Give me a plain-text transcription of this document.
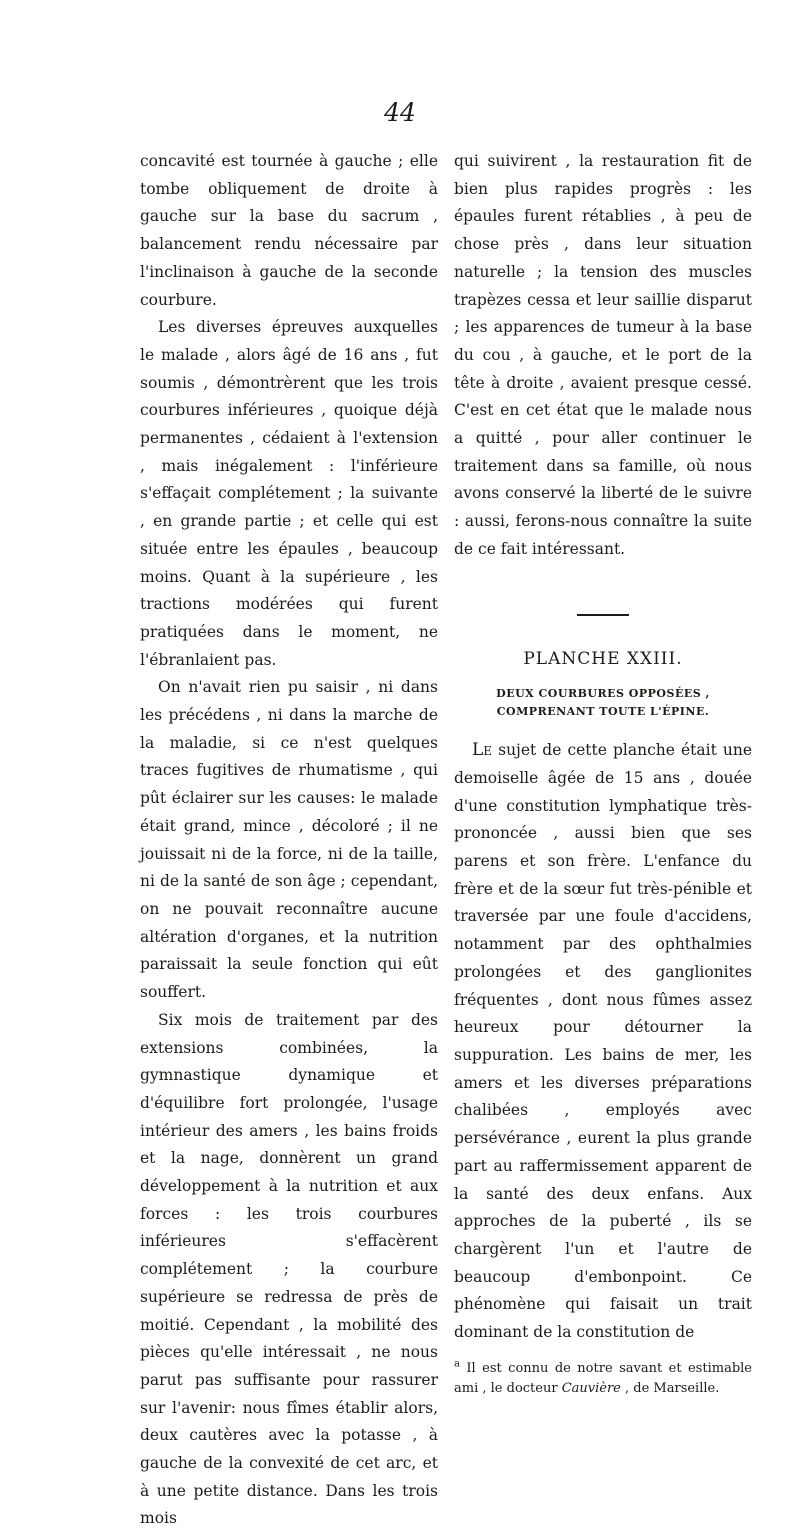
44

concavité est tournée à gauche ; elle tombe obliquement de droite à gauche sur la base du sacrum , balancement rendu nécessaire par l'inclinaison à gauche de la seconde courbure.

Les diverses épreuves auxquelles le malade , alors âgé de 16 ans , fut soumis , démontrèrent que les trois courbures inférieures , quoique déjà permanentes , cédaient à l'extension , mais inégalement : l'inférieure s'effaçait complétement ; la suivante , en grande partie ; et celle qui est située entre les épaules , beaucoup moins. Quant à la supérieure , les tractions modérées qui furent pratiquées dans le moment, ne l'ébranlaient pas.

On n'avait rien pu saisir , ni dans les précédens , ni dans la marche de la maladie, si ce n'est quelques traces fugitives de rhumatisme , qui pût éclairer sur les causes: le malade était grand, mince , décoloré ; il ne jouissait ni de la force, ni de la taille, ni de la santé de son âge ; cependant, on ne pouvait reconnaître aucune altération d'organes, et la nutrition paraissait la seule fonction qui eût souffert.

Six mois de traitement par des extensions combinées, la gymnastique dynamique et d'équilibre fort prolongée, l'usage intérieur des amers , les bains froids et la nage, donnèrent un grand développement à la nutrition et aux forces : les trois courbures inférieures s'effacèrent complétement ; la courbure supérieure se redressa de près de moitié. Cependant , la mobilité des pièces qu'elle intéressait , ne nous parut pas suffisante pour rassurer sur l'avenir: nous fîmes établir alors, deux cautères avec la potasse , à gauche de la convexité de cet arc, et à une petite distance. Dans les trois mois

qui suivirent , la restauration fit de bien plus rapides progrès : les épaules furent rétablies , à peu de chose près , dans leur situation naturelle ; la tension des muscles trapèzes cessa et leur saillie disparut ; les apparences de tumeur à la base du cou , à gauche, et le port de la tête à droite , avaient presque cessé. C'est en cet état que le malade nous a quitté , pour aller continuer le traitement dans sa famille, où nous avons conservé la liberté de le suivre : aussi, ferons-nous connaître la suite de ce fait intéressant.

PLANCHE XXIII.
DEUX COURBURES OPPOSÉES , COMPRENANT TOUTE L'ÉPINE.

Le sujet de cette planche était une demoiselle âgée de 15 ans , douée d'une constitution lymphatique très-prononcée , aussi bien que ses parens et son frère. L'enfance du frère et de la sœur fut très-pénible et traversée par une foule d'accidens, notamment par des ophthalmies prolongées et des ganglionites fréquentes , dont nous fûmes assez heureux pour détourner la suppuration. Les bains de mer, les amers et les diverses préparations chalibées , employés avec persévérance , eurent la plus grande part au raffermissement apparent de la santé des deux enfans. Aux approches de la puberté , ils se chargèrent l'un et l'autre de beaucoup d'embonpoint. Ce phénomène qui faisait un trait dominant de la constitution de

$^a$ Il est connu de notre savant et estimable ami , le docteur Cauvière , de Marseille.
